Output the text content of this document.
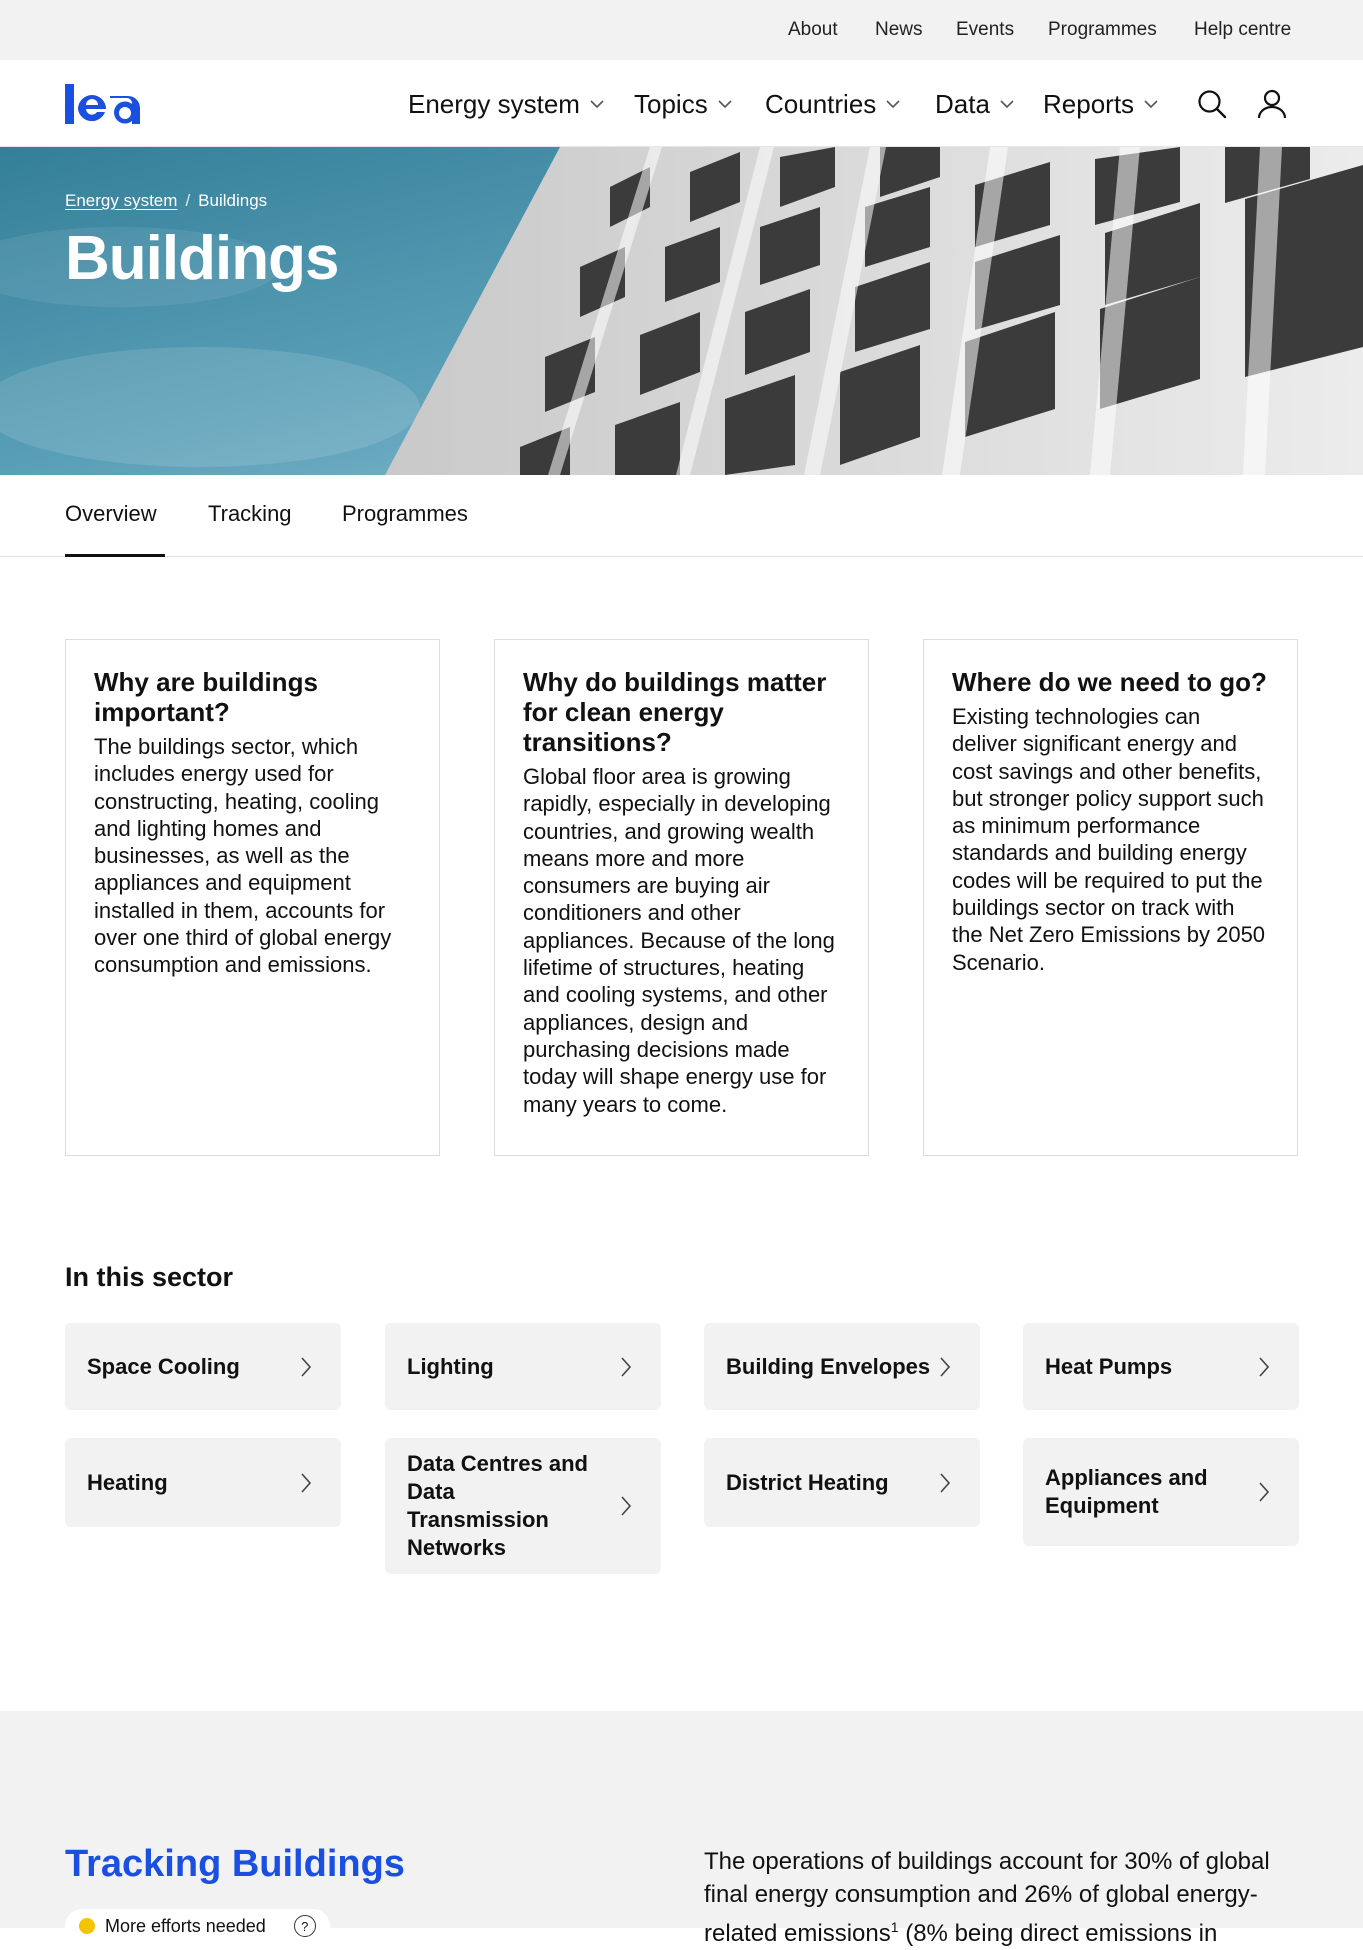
About News Events Programmes Help centre
Energy system Topics Countries Data Reports
Energy system / Buildings
Buildings
Overview Tracking Programmes
Why are buildings important?

The buildings sector, which includes energy used for constructing, heating, cooling and lighting homes and businesses, as well as the appliances and equipment installed in them, accounts for over one third of global energy consumption and emissions.

Why do buildings matter for clean energy transitions?

Global floor area is growing rapidly, especially in developing countries, and growing wealth means more and more consumers are buying air conditioners and other appliances. Because of the long lifetime of structures, heating and cooling systems, and other appliances, design and purchasing decisions made today will shape energy use for many years to come.

Where do we need to go?

Existing technologies can deliver significant energy and cost savings and other benefits, but stronger policy support such as minimum performance standards and building energy codes will be required to put the buildings sector on track with the Net Zero Emissions by 2050 Scenario.

In this sector
Space Cooling	Lighting	Building Envelopes	Heat Pumps
Heating
Data Centres and Data Transmission Networks
District Heating	Appliances and Equipment
Tracking Buildings
More efforts needed	?

The operations of buildings account for 30% of global final energy consumption and 26% of global energy-related emissions$^1$ (8% being direct emissions in
